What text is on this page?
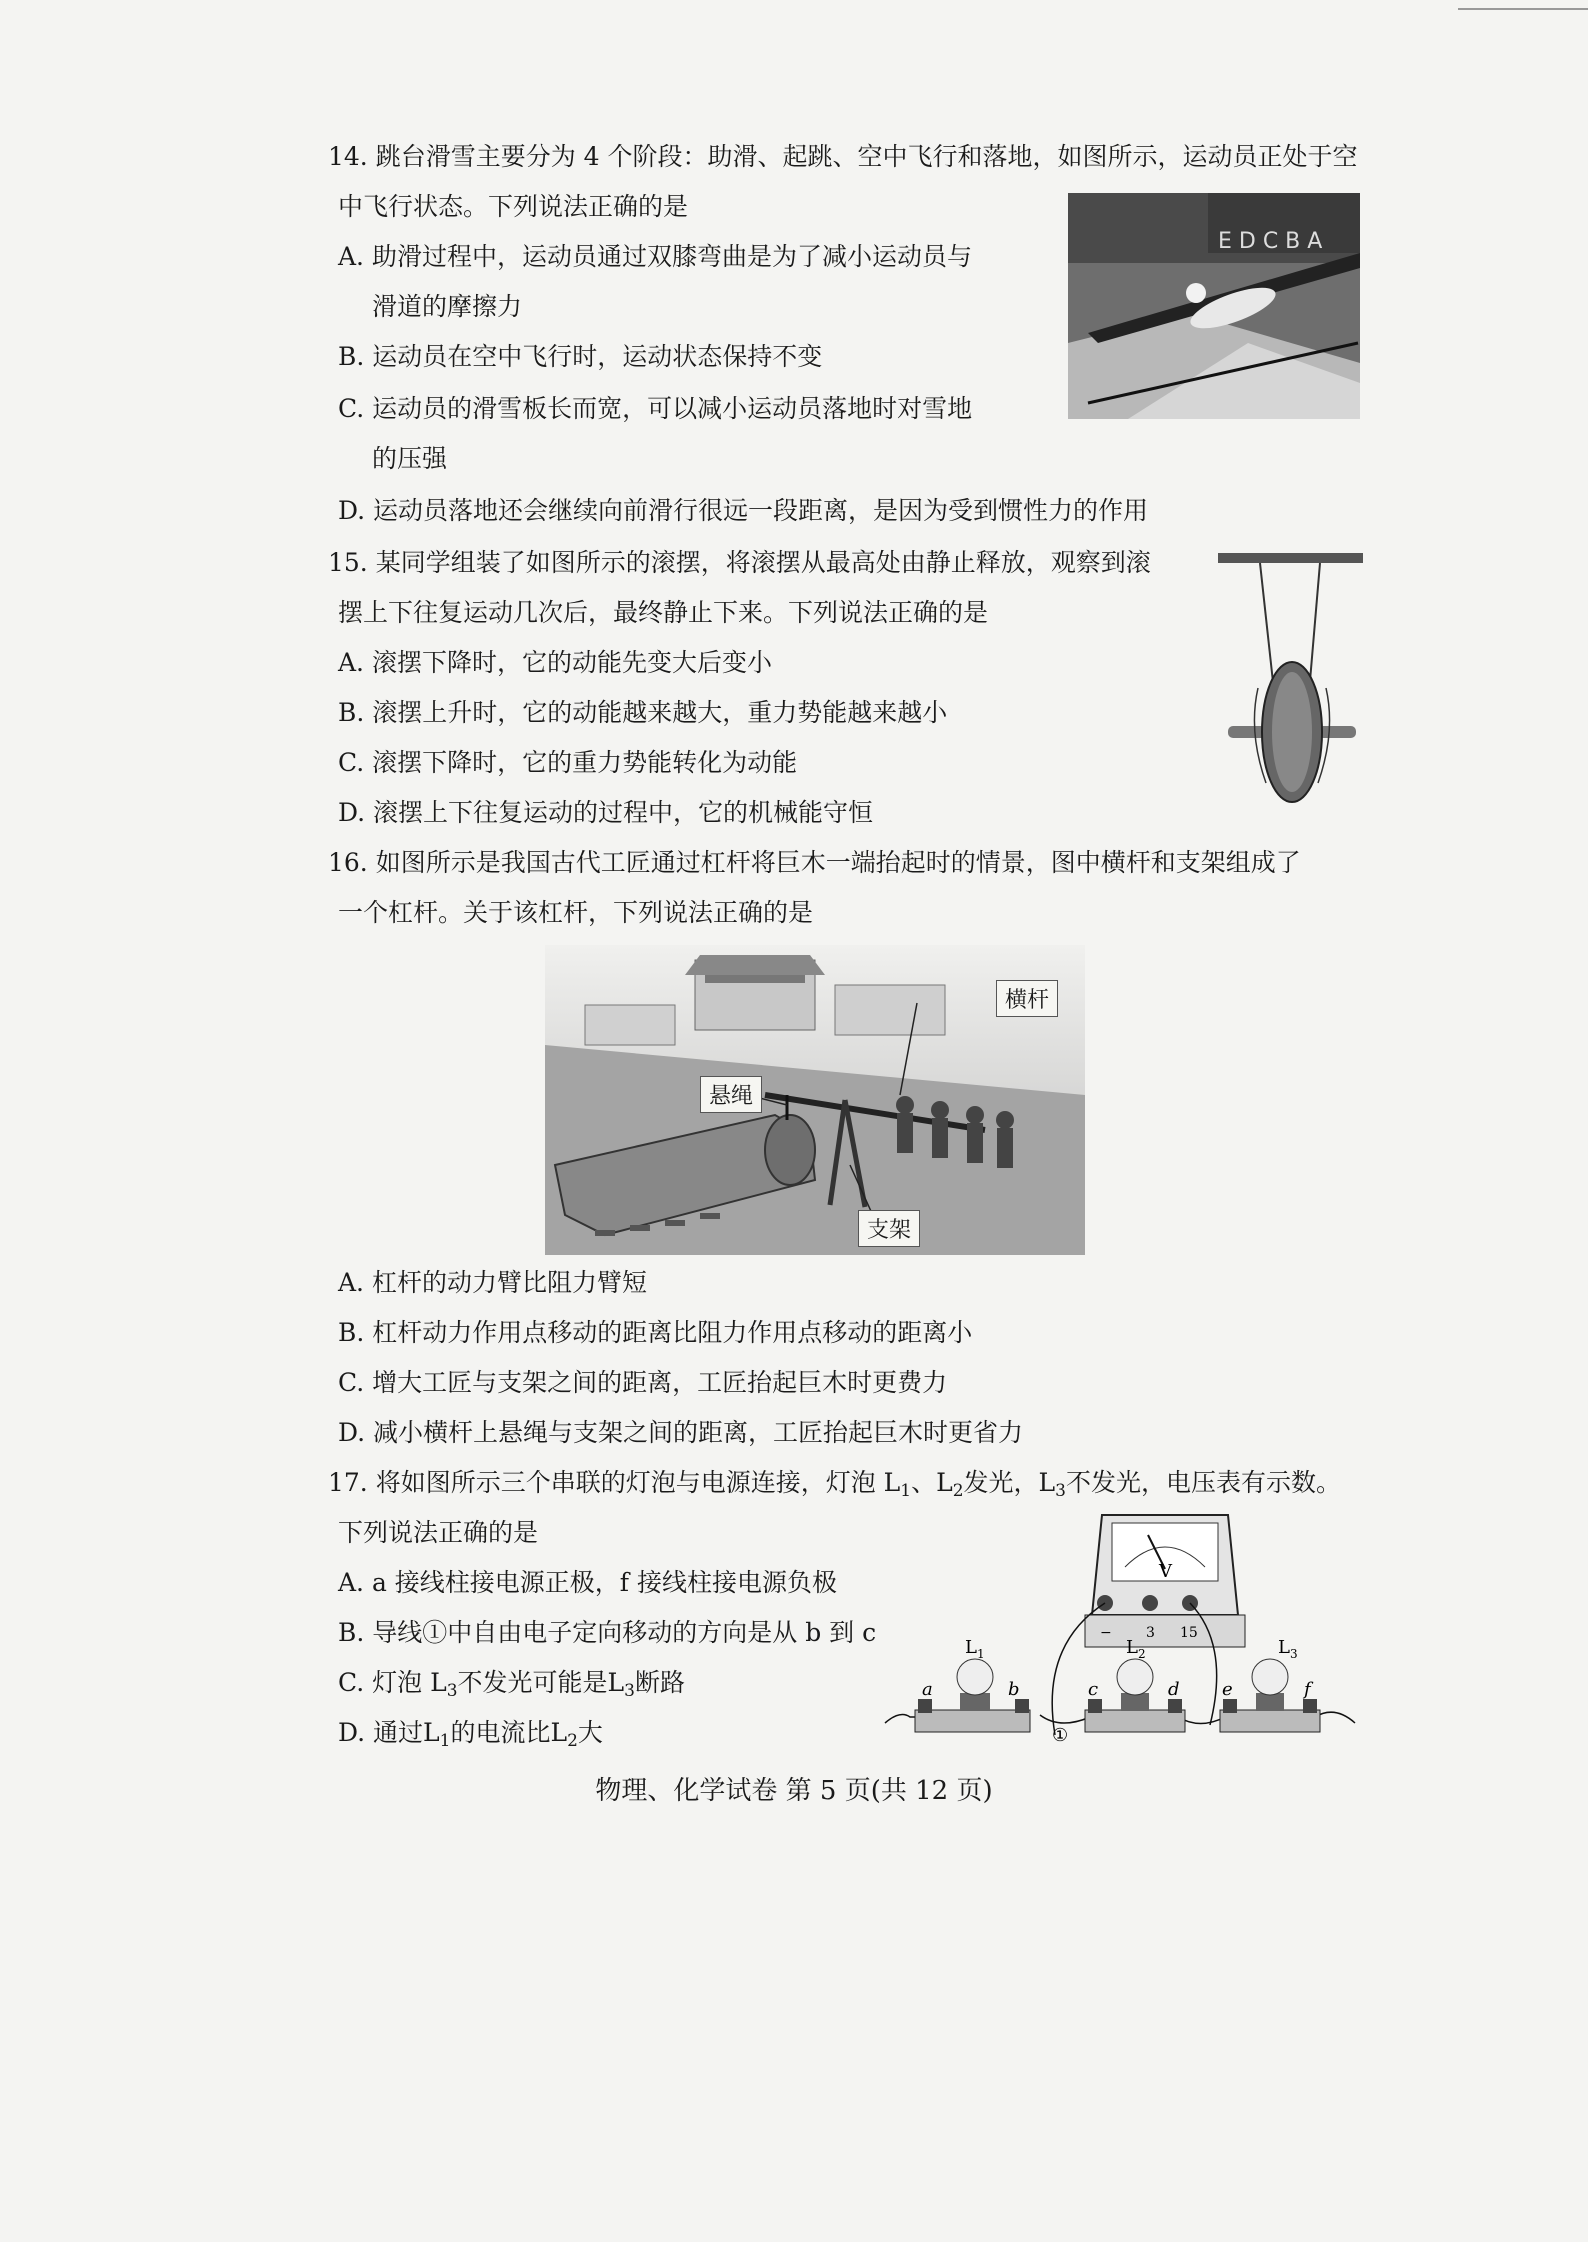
14. 跳台滑雪主要分为 4 个阶段：助滑、起跳、空中飞行和落地，如图所示，运动员正处于空
中飞行状态。下列说法正确的是
A. 助滑过程中，运动员通过双膝弯曲是为了减小运动员与
滑道的摩擦力
B. 运动员在空中飞行时，运动状态保持不变
C. 运动员的滑雪板长而宽，可以减小运动员落地时对雪地
的压强
D. 运动员落地还会继续向前滑行很远一段距离，是因为受到惯性力的作用
E D C B A
15. 某同学组装了如图所示的滚摆，将滚摆从最高处由静止释放，观察到滚
摆上下往复运动几次后，最终静止下来。下列说法正确的是
A. 滚摆下降时，它的动能先变大后变小
B. 滚摆上升时，它的动能越来越大，重力势能越来越小
C. 滚摆下降时，它的重力势能转化为动能
D. 滚摆上下往复运动的过程中，它的机械能守恒
16. 如图所示是我国古代工匠通过杠杆将巨木一端抬起时的情景，图中横杆和支架组成了
一个杠杆。关于该杠杆，下列说法正确的是
横杆
悬绳
支架
A. 杠杆的动力臂比阻力臂短
B. 杠杆动力作用点移动的距离比阻力作用点移动的距离小
C. 增大工匠与支架之间的距离，工匠抬起巨木时更费力
D. 减小横杆上悬绳与支架之间的距离，工匠抬起巨木时更省力
17. 将如图所示三个串联的灯泡与电源连接，灯泡 $L_1$、$L_2$发光，$L_3$不发光，电压表有示数。
下列说法正确的是
A. a 接线柱接电源正极，f 接线柱接电源负极
B. 导线①中自由电子定向移动的方向是从 b 到 c
C. 灯泡 $L_3$不发光可能是$L_3$断路
D. 通过$L_1$的电流比$L_2$大
V
− 3 15
$L_1$
a	b
$L_2$
c	d
$L_3$
e	f
①
物理、化学试卷 第 5 页(共 12 页)
